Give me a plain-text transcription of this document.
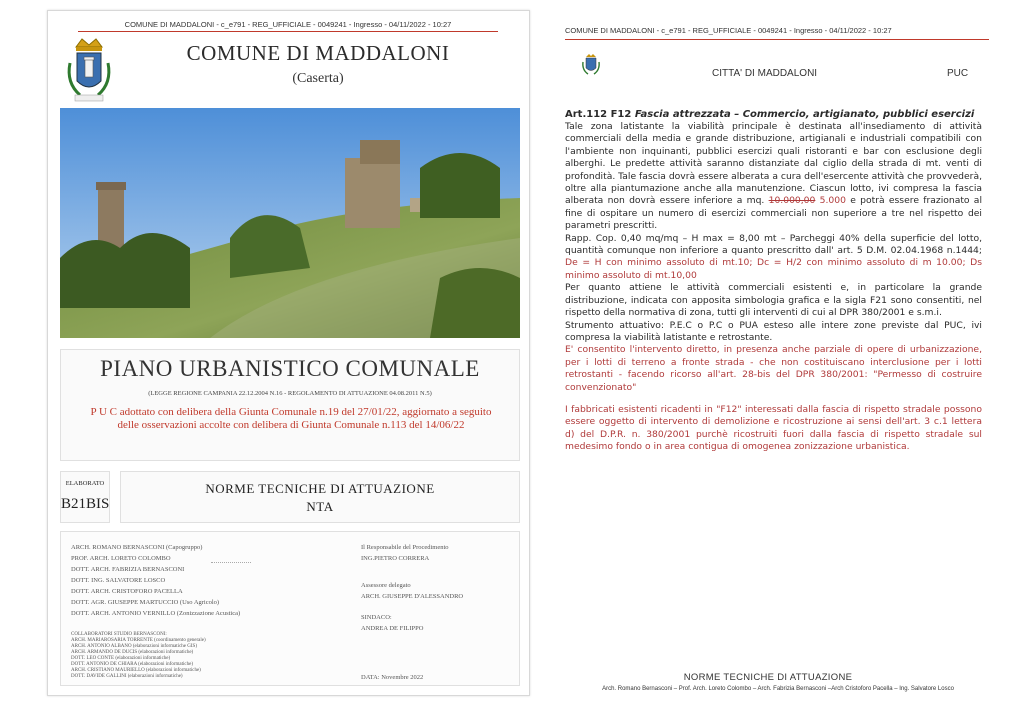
COMUNE DI MADDALONI - c_e791 - REG_UFFICIALE - 0049241 - Ingresso - 04/11/2022 - 10:27
COMUNE DI MADDALONI
(Caserta)
PIANO URBANISTICO COMUNALE
(LEGGE REGIONE CAMPANIA 22.12.2004 N.16 - REGOLAMENTO DI ATTUAZIONE 04.08.2011 N.5)
P U C adottato con delibera della Giunta Comunale n.19 del 27/01/22, aggiornato a seguito delle osservazioni accolte con delibera di Giunta Comunale n.113 del 14/06/22
ELABORATO
B21BIS
NORME TECNICHE DI ATTUAZIONE
NTA
ARCH. ROMANO BERNASCONI (Capogruppo)
PROF. ARCH. LORETO COLOMBO
DOTT. ARCH. FABRIZIA BERNASCONI
DOTT. ING. SALVATORE LOSCO
DOTT. ARCH. CRISTOFORO PACELLA
DOTT. AGR. GIUSEPPE MARTUCCIO (Uso Agricolo)
DOTT. ARCH. ANTONIO VERNILLO (Zonizzazione Acustica)
COLLABORATORI STUDIO BERNASCONI:
ARCH. MARIAROSARIA TORRENTE (coordinamento generale)
ARCH. ANTONIO ALBANO (elaborazioni informatiche GIS)
ARCH. ARMANDO DE DUCIS (elaborazioni informatiche)
DOTT. LEO CONTE (elaborazioni informatiche)
DOTT. ANTONIO DE CHIARA (elaborazioni informatiche)
ARCH. CRISTIANO MAURIELLO (elaborazioni informatiche)
DOTT. DAVIDE GALLINI (elaborazioni informatiche)
Il Responsabile del Procedimento
ING.PIETRO CORRERA
Assessore delegato
ARCH. GIUSEPPE D'ALESSANDRO
SINDACO:
ANDREA DE FILIPPO
DATA: Novembre 2022
COMUNE DI MADDALONI - c_e791 - REG_UFFICIALE - 0049241 - Ingresso - 04/11/2022 - 10:27
CITTA' DI MADDALONI	PUC
Art.112 F12 Fascia attrezzata – Commercio, artigianato, pubblici esercizi

Tale zona latistante la viabilità principale è destinata all'insediamento di attività commerciali della media e grande distribuzione, artigianali e industriali compatibili con l'ambiente non inquinanti, pubblici esercizi quali ristoranti e bar con esclusione degli alberghi. Le predette attività saranno distanziate dal ciglio della strada di mt. venti di profondità. Tale fascia dovrà essere alberata a cura dell'esercente attività che provvederà, oltre alla piantumazione anche alla manutenzione. Ciascun lotto, ivi compresa la fascia alberata non dovrà essere inferiore a mq. 10.000,00 5.000 e potrà essere frazionato al fine di ospitare un numero di esercizi commerciali non superiore a tre nel rispetto dei parametri prescritti.

Rapp. Cop. 0,40 mq/mq – H max = 8,00 mt – Parcheggi 40% della superficie del lotto, quantità comunque non inferiore a quanto prescritto dall' art. 5 D.M. 02.04.1968 n.1444; De = H con minimo assoluto di mt.10; Dc = H/2 con minimo assoluto di m 10.00; Ds minimo assoluto di mt.10,00

Per quanto attiene le attività commerciali esistenti e, in particolare la grande distribuzione, indicata con apposita simbologia grafica e la sigla F21 sono consentiti, nel rispetto della normativa di zona, tutti gli interventi di cui al DPR 380/2001 e s.m.i.

Strumento attuativo: P.E.C o P.C o PUA esteso alle intere zone previste dal PUC, ivi compresa la viabilità latistante e retrostante.

E' consentito l'intervento diretto, in presenza anche parziale di opere di urbanizzazione, per i lotti di terreno a fronte strada - che non costituiscano interclusione per i lotti retrostanti - facendo ricorso all'art. 28-bis del DPR 380/2001: "Permesso di costruire convenzionato"

I fabbricati esistenti ricadenti in "F12" interessati dalla fascia di rispetto stradale possono essere oggetto di intervento di demolizione e ricostruzione ai sensi dell'art. 3 c.1 lettera d) del D.P.R. n. 380/2001 purchè ricostruiti fuori dalla fascia di rispetto stradale sul medesimo fondo o in area contigua di omogenea zonizzazione urbanistica.

NORME TECNICHE DI ATTUAZIONE
Arch. Romano Bernasconi – Prof. Arch. Loreto Colombo – Arch. Fabrizia Bernasconi –Arch Cristoforo Pacella – Ing. Salvatore Losco
